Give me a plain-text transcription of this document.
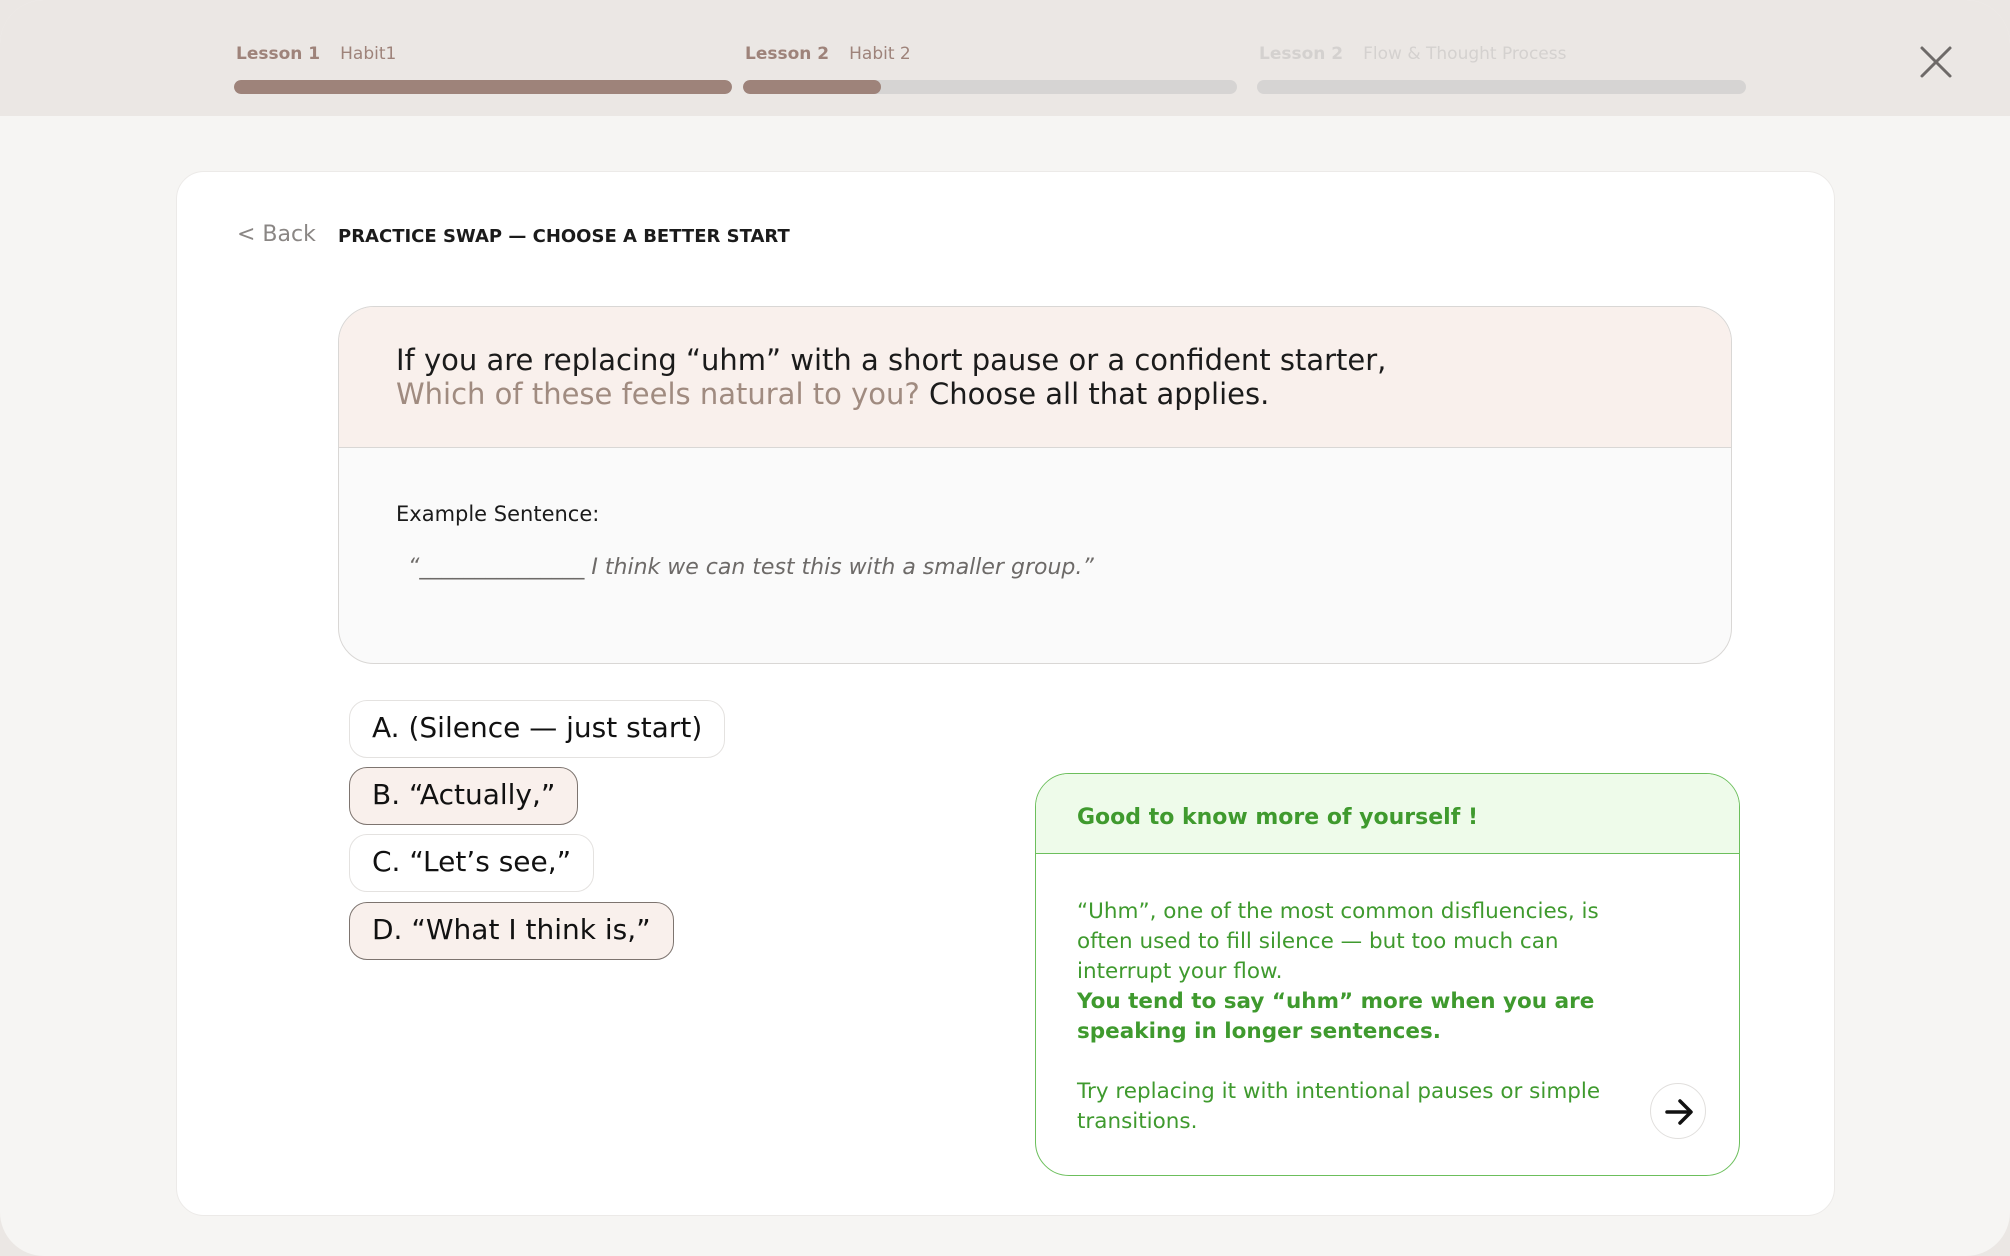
Lesson 1 Habit1	Lesson 2 Habit 2	Lesson 2 Flow & Thought Process
< Back PRACTICE SWAP — CHOOSE A BETTER START
If you are replacing “uhm” with a short pause or a confident starter,
Which of these feels natural to you? Choose all that applies.
Example Sentence:
“_______________ I think we can test this with a smaller group.”
A. (Silence — just start)
B. “Actually,”
C. “Let’s see,”
D. “What I think is,”
Good to know more of yourself !

“Uhm”, one of the most common disfluencies, is often used to fill silence — but too much can interrupt your flow.

You tend to say “uhm” more when you are speaking in longer sentences.

Try replacing it with intentional pauses or simple transitions.
